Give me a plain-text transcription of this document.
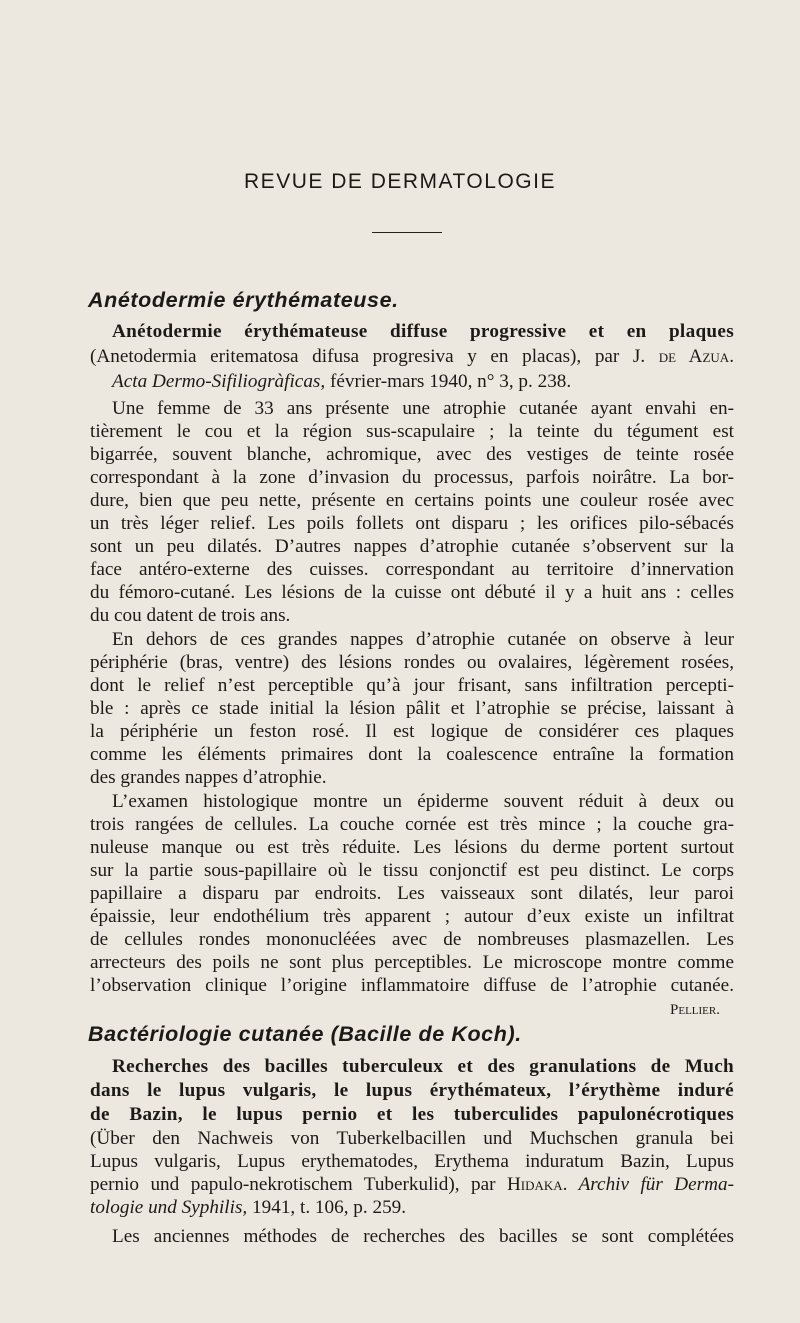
REVUE DE DERMATOLOGIE
Anétodermie érythémateuse.
Anétodermie érythémateuse diffuse progressive et en plaques
(Anetodermia eritematosa difusa progresiva y en placas), par J. de Azua.
Acta Dermo-Sifiliogràficas, février-mars 1940, n° 3, p. 238.
Une femme de 33 ans présente une atrophie cutanée ayant envahi en-
tièrement le cou et la région sus-scapulaire ; la teinte du tégument est
bigarrée, souvent blanche, achromique, avec des vestiges de teinte rosée
correspondant à la zone d’invasion du processus, parfois noirâtre. La bor-
dure, bien que peu nette, présente en certains points une couleur rosée avec
un très léger relief. Les poils follets ont disparu ; les orifices pilo-sébacés
sont un peu dilatés. D’autres nappes d’atrophie cutanée s’observent sur la
face antéro-externe des cuisses. correspondant au territoire d’innervation
du fémoro-cutané. Les lésions de la cuisse ont débuté il y a huit ans : celles
du cou datent de trois ans.
En dehors de ces grandes nappes d’atrophie cutanée on observe à leur
périphérie (bras, ventre) des lésions rondes ou ovalaires, légèrement rosées,
dont le relief n’est perceptible qu’à jour frisant, sans infiltration percepti-
ble : après ce stade initial la lésion pâlit et l’atrophie se précise, laissant à
la périphérie un feston rosé. Il est logique de considérer ces plaques
comme les éléments primaires dont la coalescence entraîne la formation
des grandes nappes d’atrophie.
L’examen histologique montre un épiderme souvent réduit à deux ou
trois rangées de cellules. La couche cornée est très mince ; la couche gra-
nuleuse manque ou est très réduite. Les lésions du derme portent surtout
sur la partie sous-papillaire où le tissu conjonctif est peu distinct. Le corps
papillaire a disparu par endroits. Les vaisseaux sont dilatés, leur paroi
épaissie, leur endothélium très apparent ; autour d’eux existe un infiltrat
de cellules rondes mononucléées avec de nombreuses plasmazellen. Les
arrecteurs des poils ne sont plus perceptibles. Le microscope montre comme
l’observation clinique l’origine inflammatoire diffuse de l’atrophie cutanée.
Pellier.
Bactériologie cutanée (Bacille de Koch).
Recherches des bacilles tuberculeux et des granulations de Much
dans le lupus vulgaris, le lupus érythémateux, l’érythème induré
de Bazin, le lupus pernio et les tuberculides papulonécrotiques
(Über den Nachweis von Tuberkelbacillen und Muchschen granula bei
Lupus vulgaris, Lupus erythematodes, Erythema induratum Bazin, Lupus
pernio und papulo-nekrotischem Tuberkulid), par Hidaka. Archiv für Derma-
tologie und Syphilis, 1941, t. 106, p. 259.
Les anciennes méthodes de recherches des bacilles se sont complétées
